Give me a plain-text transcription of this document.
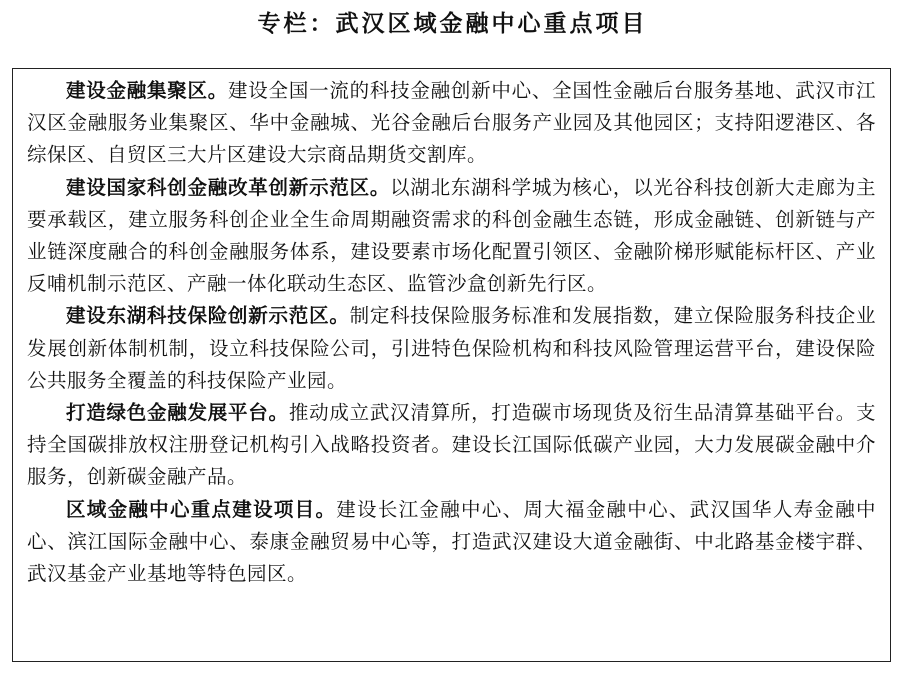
专栏：武汉区域金融中心重点项目

建设金融集聚区。建设全国一流的科技金融创新中心、全国性金融后台服务基地、武汉市江汉区金融服务业集聚区、华中金融城、光谷金融后台服务产业园及其他园区；支持阳逻港区、各综保区、自贸区三大片区建设大宗商品期货交割库。

建设国家科创金融改革创新示范区。以湖北东湖科学城为核心，以光谷科技创新大走廊为主要承载区，建立服务科创企业全生命周期融资需求的科创金融生态链，形成金融链、创新链与产业链深度融合的科创金融服务体系，建设要素市场化配置引领区、金融阶梯形赋能标杆区、产业反哺机制示范区、产融一体化联动生态区、监管沙盒创新先行区。

建设东湖科技保险创新示范区。制定科技保险服务标准和发展指数，建立保险服务科技企业发展创新体制机制，设立科技保险公司，引进特色保险机构和科技风险管理运营平台，建设保险公共服务全覆盖的科技保险产业园。

打造绿色金融发展平台。推动成立武汉清算所，打造碳市场现货及衍生品清算基础平台。支持全国碳排放权注册登记机构引入战略投资者。建设长江国际低碳产业园，大力发展碳金融中介服务，创新碳金融产品。

区域金融中心重点建设项目。建设长江金融中心、周大福金融中心、武汉国华人寿金融中心、滨江国际金融中心、泰康金融贸易中心等，打造武汉建设大道金融街、中北路基金楼宇群、武汉基金产业基地等特色园区。
